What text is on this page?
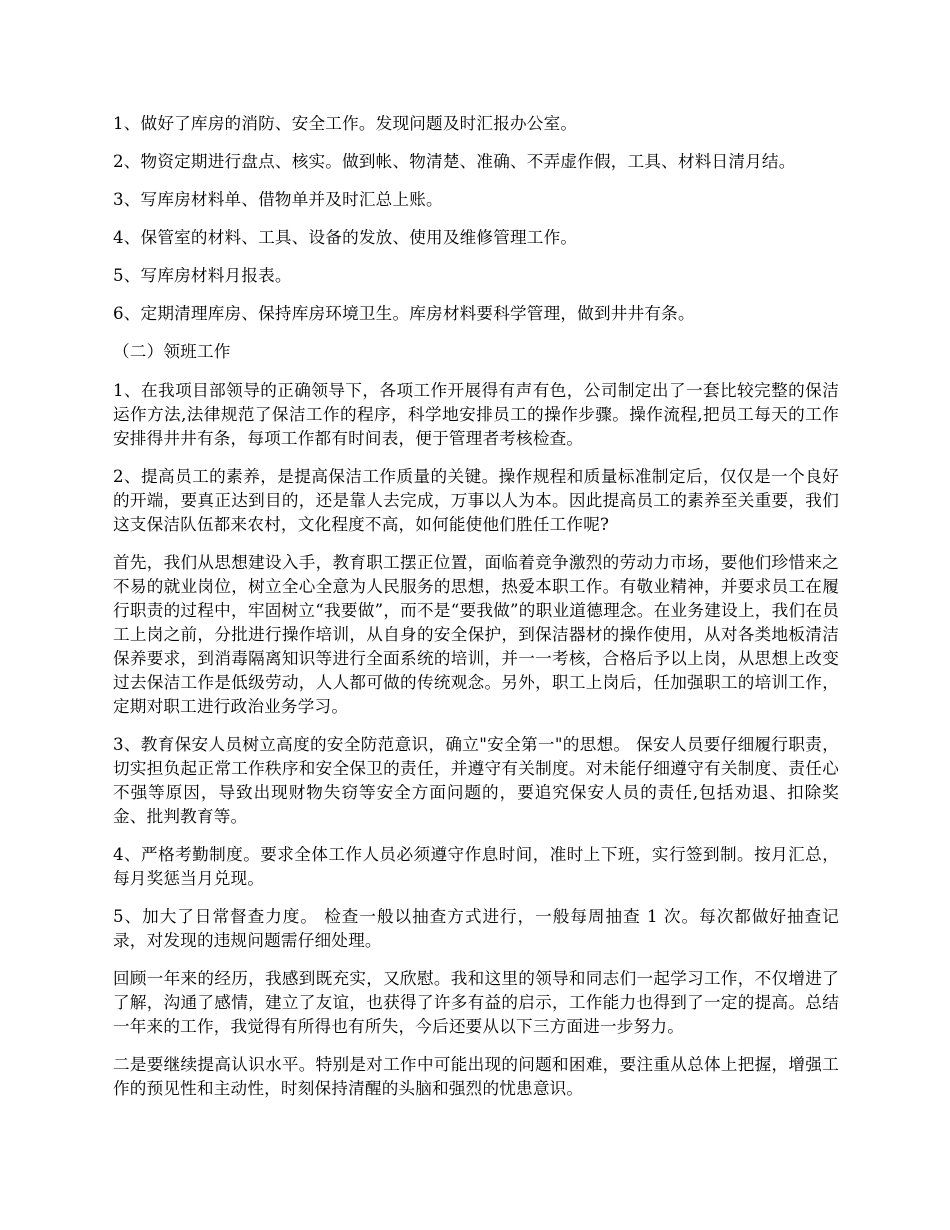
1、做好了库房的消防、安全工作。发现问题及时汇报办公室。

2、物资定期进行盘点、核实。做到帐、物清楚、准确、不弄虚作假，工具、材料日清月结。

3、写库房材料单、借物单并及时汇总上账。

4、保管室的材料、工具、设备的发放、使用及维修管理工作。

5、写库房材料月报表。

6、定期清理库房、保持库房环境卫生。库房材料要科学管理，做到井井有条。

（二）领班工作

1、在我项目部领导的正确领导下，各项工作开展得有声有色，公司制定出了一套比较完整的保洁运作方法,法律规范了保洁工作的程序，科学地安排员工的操作步骤。操作流程,把员工每天的工作安排得井井有条，每项工作都有时间表，便于管理者考核检查。

2、提高员工的素养，是提高保洁工作质量的关键。操作规程和质量标准制定后，仅仅是一个良好的开端，要真正达到目的，还是靠人去完成，万事以人为本。因此提高员工的素养至关重要，我们这支保洁队伍都来农村，文化程度不高，如何能使他们胜任工作呢?

首先，我们从思想建设入手，教育职工摆正位置，面临着竞争激烈的劳动力市场，要他们珍惜来之不易的就业岗位，树立全心全意为人民服务的思想，热爱本职工作。有敬业精神，并要求员工在履行职责的过程中，牢固树立“我要做”，而不是“要我做”的职业道德理念。在业务建设上，我们在员工上岗之前，分批进行操作培训，从自身的安全保护，到保洁器材的操作使用，从对各类地板清洁保养要求，到消毒隔离知识等进行全面系统的培训，并一一考核，合格后予以上岗，从思想上改变过去保洁工作是低级劳动，人人都可做的传统观念。另外，职工上岗后，任加强职工的培训工作，定期对职工进行政治业务学习。

3、教育保安人员树立高度的安全防范意识，确立"安全第一"的思想。 保安人员要仔细履行职责，切实担负起正常工作秩序和安全保卫的责任，并遵守有关制度。对未能仔细遵守有关制度、责任心不强等原因，导致出现财物失窃等安全方面问题的，要追究保安人员的责任,包括劝退、扣除奖金、批判教育等。

4、严格考勤制度。要求全体工作人员必须遵守作息时间，准时上下班，实行签到制。按月汇总，每月奖惩当月兑现。

5、加大了日常督查力度。 检查一般以抽查方式进行，一般每周抽查 1 次。每次都做好抽查记录，对发现的违规问题需仔细处理。

回顾一年来的经历，我感到既充实，又欣慰。我和这里的领导和同志们一起学习工作，不仅增进了了解，沟通了感情，建立了友谊，也获得了许多有益的启示，工作能力也得到了一定的提高。总结一年来的工作，我觉得有所得也有所失，今后还要从以下三方面进一步努力。

二是要继续提高认识水平。特别是对工作中可能出现的问题和困难，要注重从总体上把握，增强工作的预见性和主动性，时刻保持清醒的头脑和强烈的忧患意识。
